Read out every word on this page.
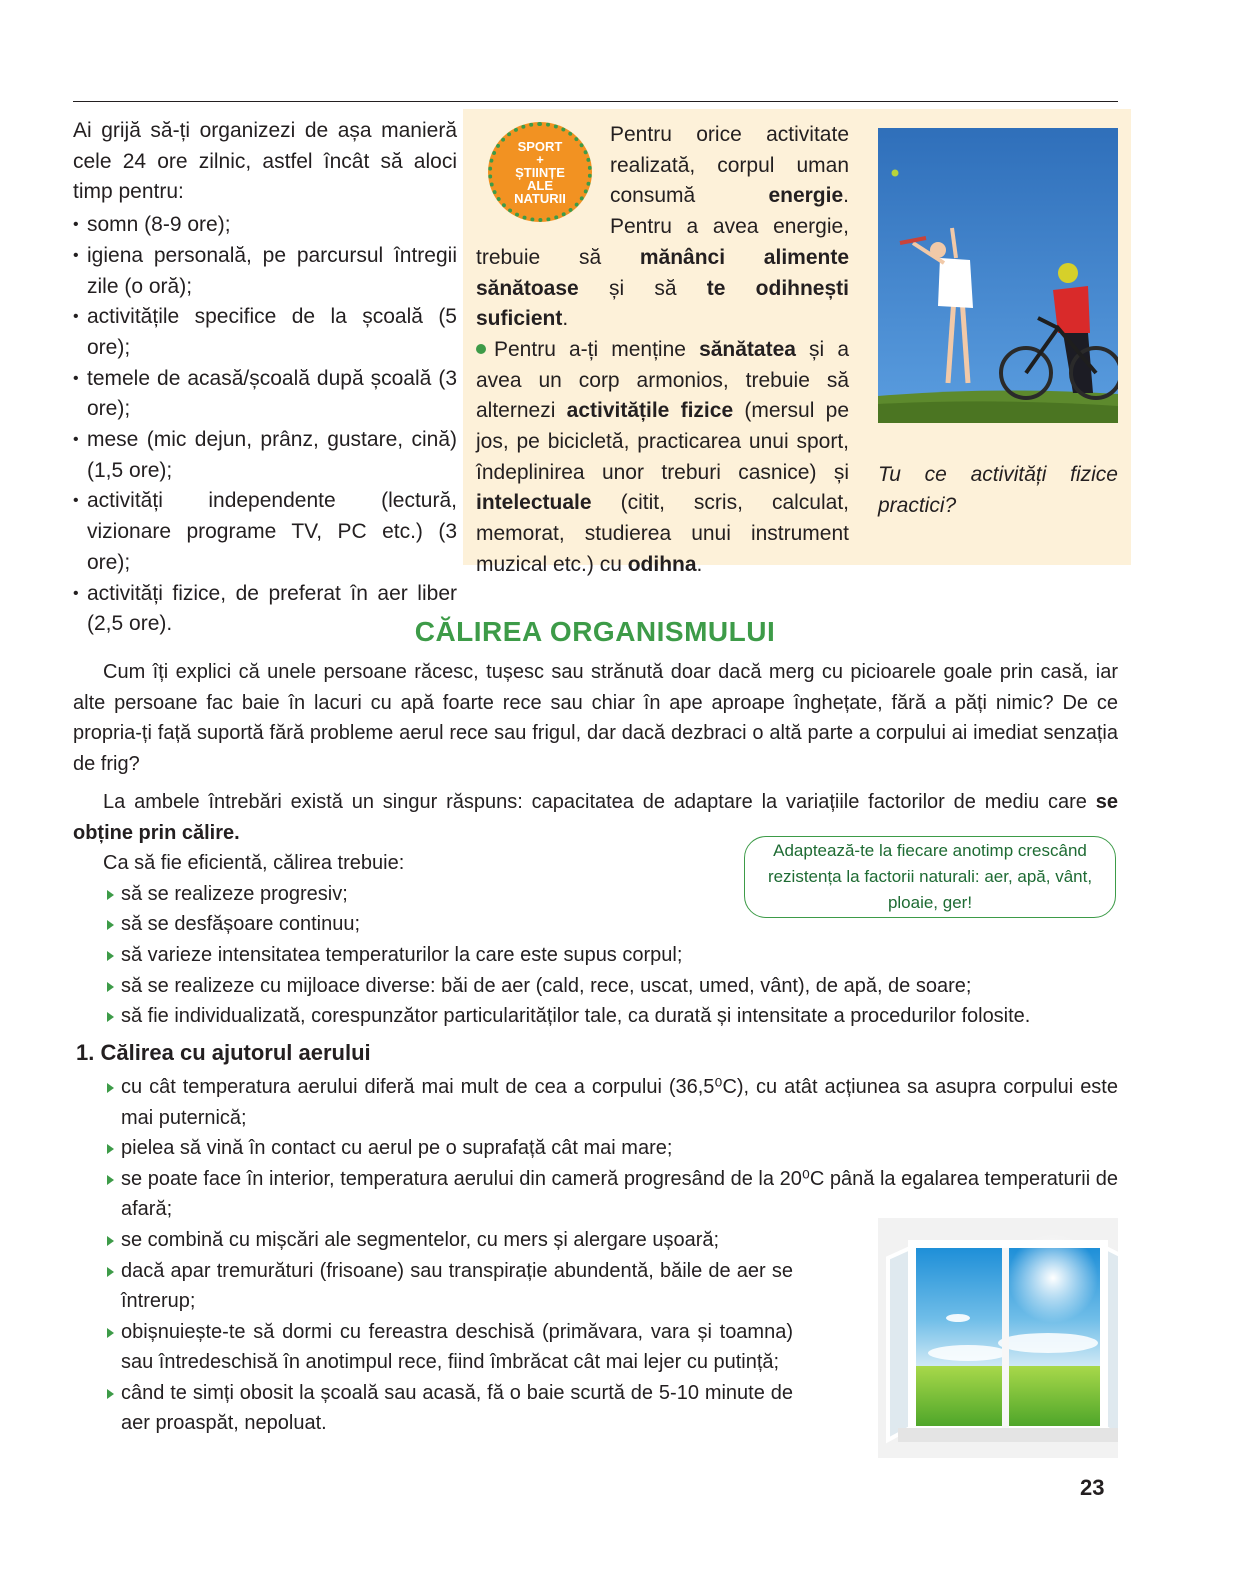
Ai grijă să-ți organizezi de așa manieră cele 24 ore zilnic, astfel încât să aloci timp pentru:

• somn (8-9 ore);
• igiena personală, pe parcursul întregii zile (o oră);
• activitățile specifice de la școală (5 ore);
• temele de acasă/școală după școală (3 ore);
• mese (mic dejun, prânz, gustare, cină) (1,5 ore);
• activități independente (lectură, vizionare programe TV, PC etc.) (3 ore);
• activități fizice, de preferat în aer liber (2,5 ore).

Pentru orice activitate realizată, corpul uman consumă energie. Pentru a avea energie, trebuie să mănânci alimente sănătoase și să te odihnești suficient.

Pentru a-ți menține sănătatea și a avea un corp armonios, trebuie să alternezi activitățile fizice (mersul pe jos, pe bicicletă, practicarea unui sport, îndeplinirea unor treburi casnice) și intelectuale (citit, scris, calculat, memorat, studierea unui instrument muzical etc.) cu odihna.

SPORT
+
ȘTIINȚE
ALE
NATURII
Tu ce activități fizice practici?
CĂLIREA ORGANISMULUI

Cum îți explici că unele persoane răcesc, tușesc sau strănută doar dacă merg cu picioarele goale prin casă, iar alte persoane fac baie în lacuri cu apă foarte rece sau chiar în ape aproape înghețate, fără a păți nimic? De ce propria-ți față suportă fără probleme aerul rece sau frigul, dar dacă dezbraci o altă parte a corpului ai imediat senzația de frig?

La ambele întrebări există un singur răspuns: capacitatea de adaptare la variațiile factorilor de mediu care se obține prin călire.

Ca să fie eficientă, călirea trebuie:

să se realizeze progresiv;
să se desfășoare continuu;
să varieze intensitatea temperaturilor la care este supus corpul;
să se realizeze cu mijloace diverse: băi de aer (cald, rece, uscat, umed, vânt), de apă, de soare;
să fie individualizată, corespunzător particularităților tale, ca durată și intensitate a procedurilor folosite.
Adaptează-te la fiecare anotimp crescând rezistența la factorii naturali: aer, apă, vânt, ploaie, ger!
1. Călirea cu ajutorul aerului
cu cât temperatura aerului diferă mai mult de cea a corpului (36,5⁰C), cu atât acțiunea sa asupra corpului este mai puternică;
pielea să vină în contact cu aerul pe o suprafață cât mai mare;
se poate face în interior, temperatura aerului din cameră progresând de la 20⁰C până la egalarea temperaturii de afară;
se combină cu mișcări ale segmentelor, cu mers și alergare ușoară;
dacă apar tremurături (frisoane) sau transpirație abundentă, băile de aer se întrerup;
obișnuiește-te să dormi cu fereastra deschisă (primăvara, vara și toamna) sau întredeschisă în anotimpul rece, fiind îmbrăcat cât mai lejer cu putință;
când te simți obosit la școală sau acasă, fă o baie scurtă de 5-10 minute de aer proaspăt, nepoluat.
23
